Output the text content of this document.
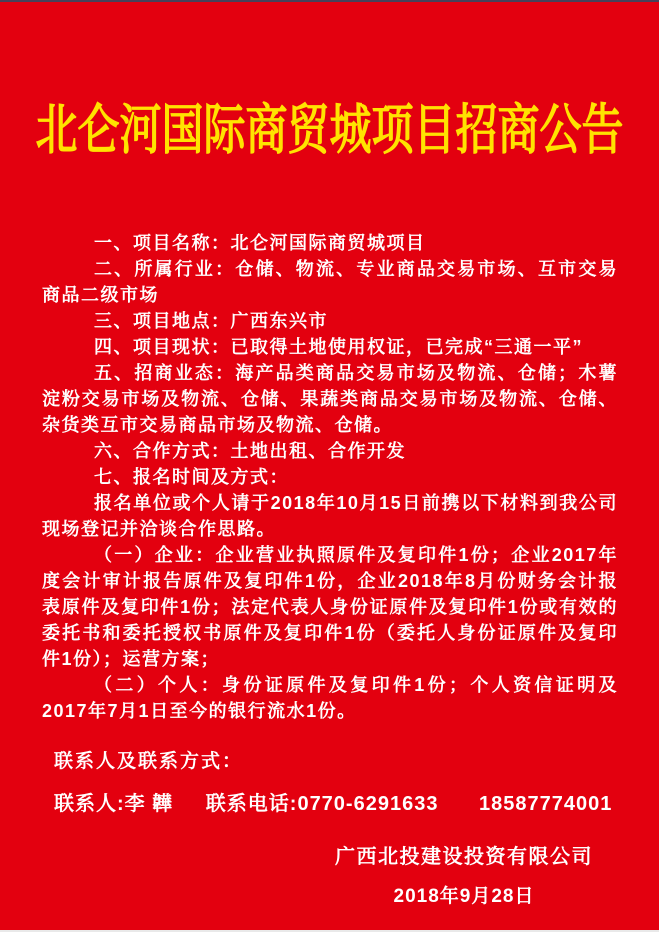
北仑河国际商贸城项目招商公告

一、项目名称：北仑河国际商贸城项目

二、所属行业：仓储、物流、专业商品交易市场、互市交易商品二级市场

三、项目地点：广西东兴市

四、项目现状：已取得土地使用权证，已完成“三通一平”

五、招商业态：海产品类商品交易市场及物流、仓储；木薯淀粉交易市场及物流、仓储、果蔬类商品交易市场及物流、仓储、杂货类互市交易商品市场及物流、仓储。

六、合作方式：土地出租、合作开发

七、报名时间及方式：

报名单位或个人请于2018年10月15日前携以下材料到我公司现场登记并洽谈合作思路。

（一）企业：企业营业执照原件及复印件1份；企业2017年度会计审计报告原件及复印件1份，企业2018年8月份财务会计报表原件及复印件1份；法定代表人身份证原件及复印件1份或有效的委托书和委托授权书原件及复印件1份（委托人身份证原件及复印件1份）；运营方案；

（二）个人：身份证原件及复印件1份；个人资信证明及2017年7月1日至今的银行流水1份。

联系人及联系方式：

联系人:李 韡 联系电话:0770-6291633 18587774001

广西北投建设投资有限公司

2018年9月28日
